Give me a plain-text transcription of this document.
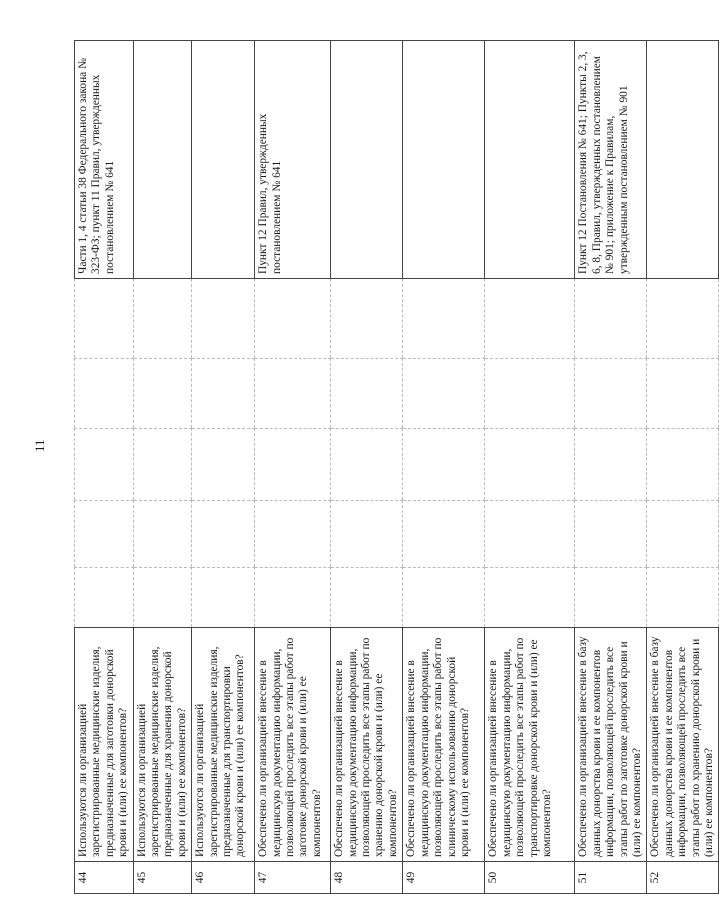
11
44	Используются ли организацией зарегистрированные медицинские изделия, предназначенные для заготовки донорской крови и (или) ее компонентов?						Части 1, 4 статьи 38 Федерального закона № 323-ФЗ; пункт 11 Правил, утвержденных постановлением № 641
45	Используются ли организацией зарегистрированные медицинские изделия, предназначенные для хранения донорской крови и (или) ее компонентов?						
46	Используются ли организацией зарегистрированные медицинские изделия, предназначенные для транспортировки донорской крови и (или) ее компонентов?						
47	Обеспечено ли организацией внесение в медицинскую документацию информации, позволяющей проследить все этапы работ по заготовке донорской крови и (или) ее компонентов?						Пункт 12 Правил, утвержденных постановлением № 641
48	Обеспечено ли организацией внесение в медицинскую документацию информации, позволяющей проследить все этапы работ по хранению донорской крови и (или) ее компонентов?						
49	Обеспечено ли организацией внесение в медицинскую документацию информации, позволяющей проследить все этапы работ по клиническому использованию донорской крови и (или) ее компонентов?						
50	Обеспечено ли организацией внесение в медицинскую документацию информации, позволяющей проследить все этапы работ по транспортировке донорской крови и (или) ее компонентов?						
51	Обеспечено ли организацией внесение в базу данных донорства крови и ее компонентов информации, позволяющей проследить все этапы работ по заготовке донорской крови и (или) ее компонентов?						Пункт 12 Постановления № 641; Пункты 2, 3, 6, 8, Правил, утвержденных постановлением № 901; приложение к Правилам, утвержденным постановлением № 901
52	Обеспечено ли организацией внесение в базу данных донорства крови и ее компонентов информации, позволяющей проследить все этапы работ по хранению донорской крови и (или) ее компонентов?						
